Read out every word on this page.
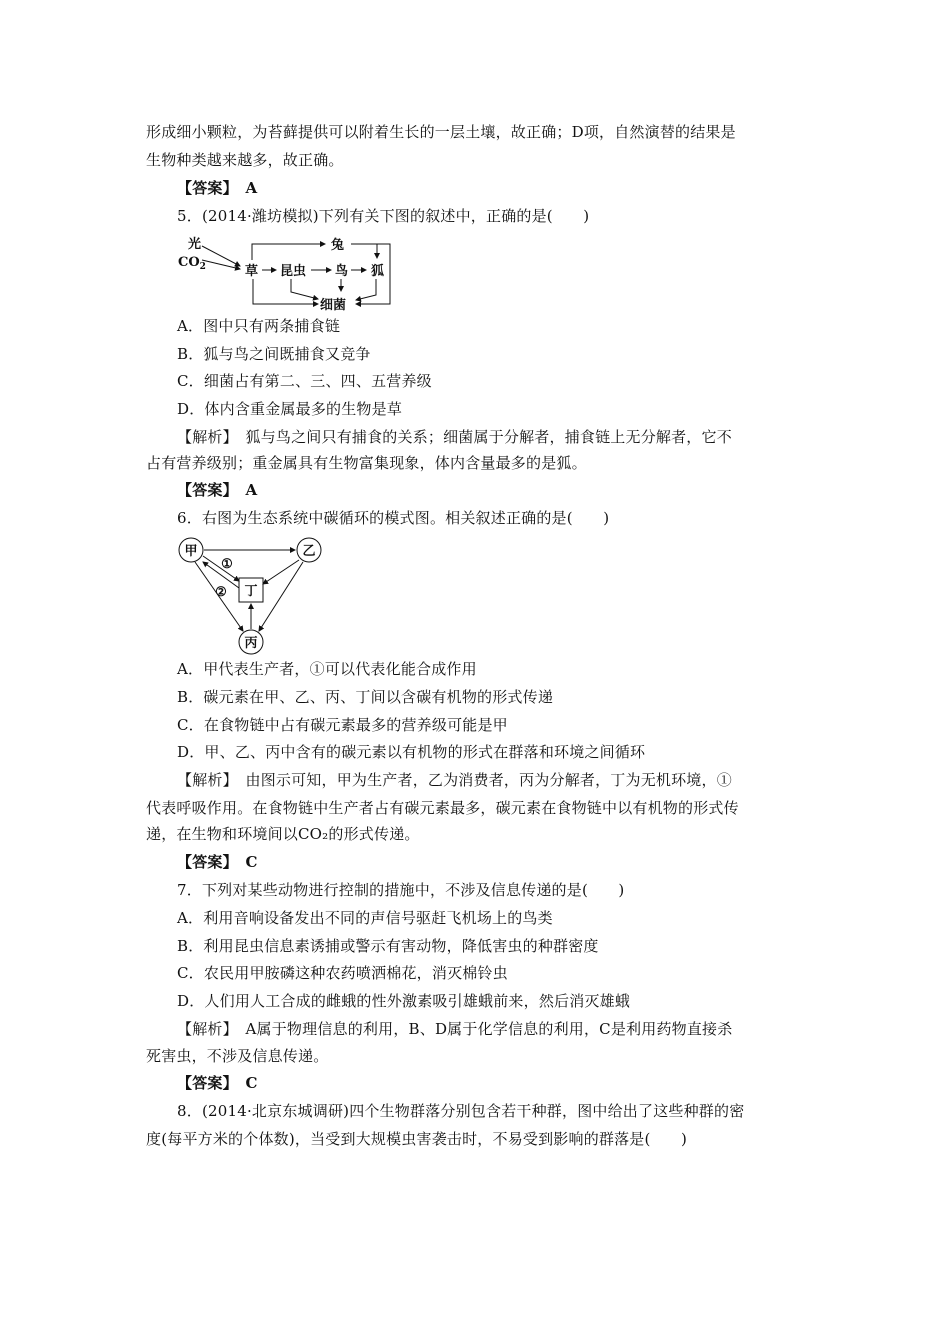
形成细小颗粒，为苔藓提供可以附着生长的一层土壤，故正确；D项，自然演替的结果是
生物种类越来越多，故正确。
【答案】　A
5．(2014·潍坊模拟)下列有关下图的叙述中，正确的是(　　)
光
$CO_2$	草 昆虫 鸟 狐
兔
细菌
A．图中只有两条捕食链
B．狐与鸟之间既捕食又竞争
C．细菌占有第二、三、四、五营养级
D．体内含重金属最多的生物是草
【解析】　狐与鸟之间只有捕食的关系；细菌属于分解者，捕食链上无分解者，它不
占有营养级别；重金属具有生物富集现象，体内含量最多的是狐。
【答案】　A
6．右图为生态系统中碳循环的模式图。相关叙述正确的是(　　)
甲	乙
丙
丁
①
②
A．甲代表生产者，①可以代表化能合成作用
B．碳元素在甲、乙、丙、丁间以含碳有机物的形式传递
C．在食物链中占有碳元素最多的营养级可能是甲
D．甲、乙、丙中含有的碳元素以有机物的形式在群落和环境之间循环
【解析】　由图示可知，甲为生产者，乙为消费者，丙为分解者，丁为无机环境，①
代表呼吸作用。在食物链中生产者占有碳元素最多，碳元素在食物链中以有机物的形式传
递，在生物和环境间以CO₂的形式传递。
【答案】　C
7．下列对某些动物进行控制的措施中，不涉及信息传递的是(　　)
A．利用音响设备发出不同的声信号驱赶飞机场上的鸟类
B．利用昆虫信息素诱捕或警示有害动物，降低害虫的种群密度
C．农民用甲胺磷这种农药喷洒棉花，消灭棉铃虫
D．人们用人工合成的雌蛾的性外激素吸引雄蛾前来，然后消灭雄蛾
【解析】　A属于物理信息的利用，B、D属于化学信息的利用，C是利用药物直接杀
死害虫，不涉及信息传递。
【答案】　C
8．(2014·北京东城调研)四个生物群落分别包含若干种群，图中给出了这些种群的密
度(每平方米的个体数)，当受到大规模虫害袭击时，不易受到影响的群落是(　　)
